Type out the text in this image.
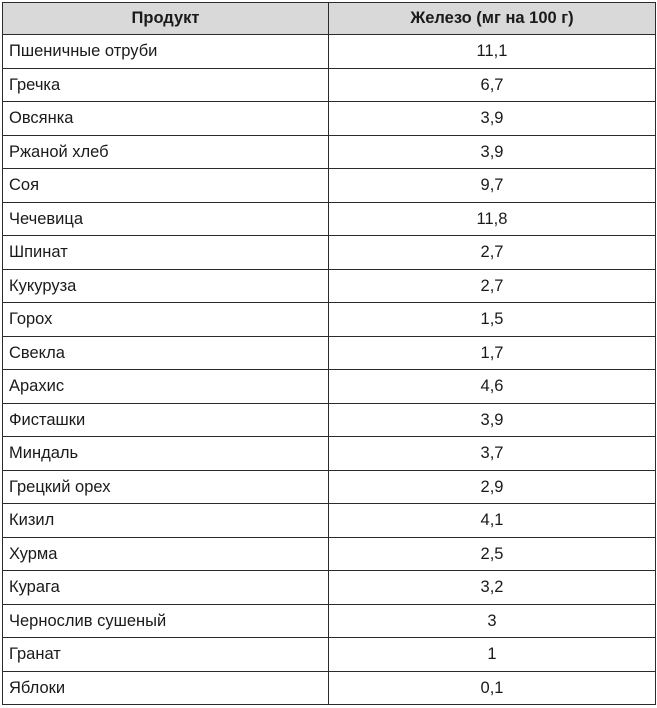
Продукт	Железо (мг на 100 г)
Пшеничные отруби	11,1
Гречка	6,7
Овсянка	3,9
Ржаной хлеб	3,9
Соя	9,7
Чечевица	11,8
Шпинат	2,7
Кукуруза	2,7
Горох	1,5
Свекла	1,7
Арахис	4,6
Фисташки	3,9
Миндаль	3,7
Грецкий орех	2,9
Кизил	4,1
Хурма	2,5
Курага	3,2
Чернослив сушеный	3
Гранат	1
Яблоки	0,1
